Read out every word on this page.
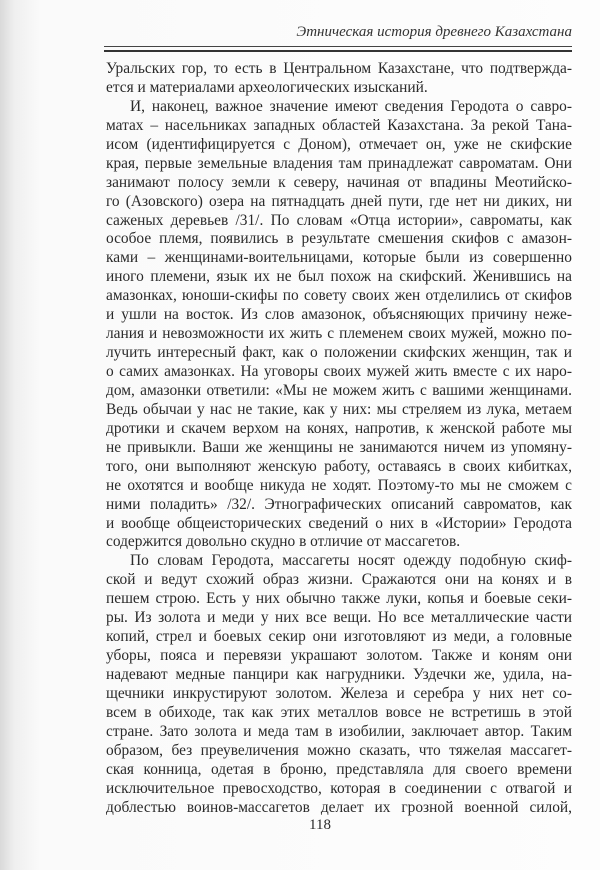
Этническая история древнего Казахстана
Уральских гор, то есть в Центральном Казахстане, что подтвержда-
ется и материалами археологических изысканий.
И, наконец, важное значение имеют сведения Геродота о савро-
матах – насельниках западных областей Казахстана. За рекой Тана-
исом (идентифицируется с Доном), отмечает он, уже не скифские
края, первые земельные владения там принадлежат савроматам. Они
занимают полосу земли к северу, начиная от впадины Меотийско-
го (Азовского) озера на пятнадцать дней пути, где нет ни диких, ни
саженых деревьев /31/. По словам «Отца истории», савроматы, как
особое племя, появились в результате смешения скифов с амазон-
ками – женщинами-воительницами, которые были из совершенно
иного племени, язык их не был похож на скифский. Женившись на
амазонках, юноши-скифы по совету своих жен отделились от скифов
и ушли на восток. Из слов амазонок, объясняющих причину неже-
лания и невозможности их жить с племенем своих мужей, можно по-
лучить интересный факт, как о положении скифских женщин, так и
о самих амазонках. На уговоры своих мужей жить вместе с их наро-
дом, амазонки ответили: «Мы не можем жить с вашими женщинами.
Ведь обычаи у нас не такие, как у них: мы стреляем из лука, метаем
дротики и скачем верхом на конях, напротив, к женской работе мы
не привыкли. Ваши же женщины не занимаются ничем из упомяну-
того, они выполняют женскую работу, оставаясь в своих кибитках,
не охотятся и вообще никуда не ходят. Поэтому-то мы не сможем с
ними поладить» /32/. Этнографических описаний савроматов, как
и вообще общеисторических сведений о них в «Истории» Геродота
содержится довольно скудно в отличие от массагетов.
По словам Геродота, массагеты носят одежду подобную скиф-
ской и ведут схожий образ жизни. Сражаются они на конях и в
пешем строю. Есть у них обычно также луки, копья и боевые секи-
ры. Из золота и меди у них все вещи. Но все металлические части
копий, стрел и боевых секир они изготовляют из меди, а головные
уборы, пояса и перевязи украшают золотом. Также и коням они
надевают медные панцири как нагрудники. Уздечки же, удила, на-
щечники инкрустируют золотом. Железа и серебра у них нет со-
всем в обиходе, так как этих металлов вовсе не встретишь в этой
стране. Зато золота и меда там в изобилии, заключает автор. Таким
образом, без преувеличения можно сказать, что тяжелая массагет-
ская конница, одетая в броню, представляла для своего времени
исключительное превосходство, которая в соединении с отвагой и
доблестью воинов-массагетов делает их грозной военной силой,
118
